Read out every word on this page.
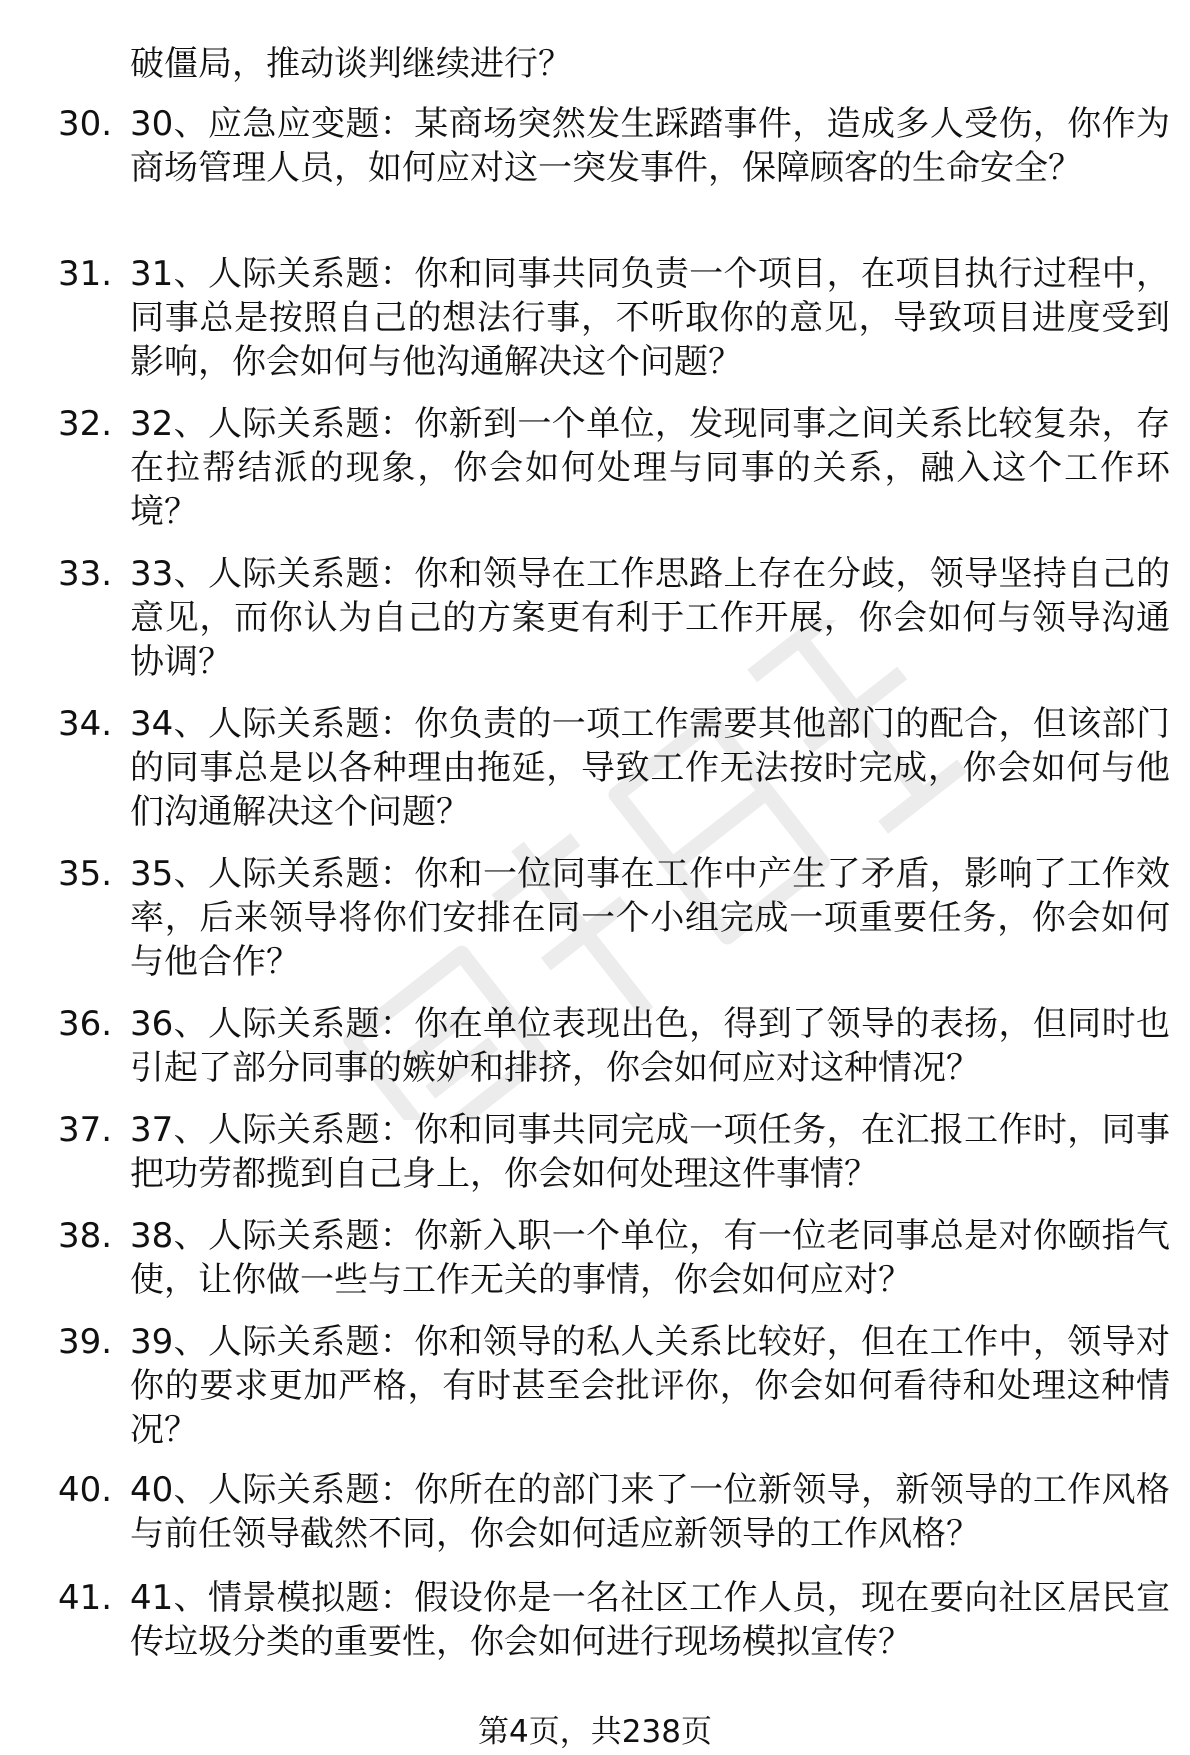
破僵局，推动谈判继续进行？
30. 30、应急应变题：某商场突然发生踩踏事件，造成多人受伤，你作为商场管理人员，如何应对这一突发事件，保障顾客的生命安全？
31. 31、人际关系题：你和同事共同负责一个项目，在项目执行过程中，同事总是按照自己的想法行事，不听取你的意见，导致项目进度受到影响，你会如何与他沟通解决这个问题？
32. 32、人际关系题：你新到一个单位，发现同事之间关系比较复杂，存在拉帮结派的现象，你会如何处理与同事的关系，融入这个工作环境？
33. 33、人际关系题：你和领导在工作思路上存在分歧，领导坚持自己的意见，而你认为自己的方案更有利于工作开展，你会如何与领导沟通协调？
34. 34、人际关系题：你负责的一项工作需要其他部门的配合，但该部门的同事总是以各种理由拖延，导致工作无法按时完成，你会如何与他们沟通解决这个问题？
35. 35、人际关系题：你和一位同事在工作中产生了矛盾，影响了工作效率，后来领导将你们安排在同一个小组完成一项重要任务，你会如何与他合作？
36. 36、人际关系题：你在单位表现出色，得到了领导的表扬，但同时也引起了部分同事的嫉妒和排挤，你会如何应对这种情况？
37. 37、人际关系题：你和同事共同完成一项任务，在汇报工作时，同事把功劳都揽到自己身上，你会如何处理这件事情？
38. 38、人际关系题：你新入职一个单位，有一位老同事总是对你颐指气使，让你做一些与工作无关的事情，你会如何应对？
39. 39、人际关系题：你和领导的私人关系比较好，但在工作中，领导对你的要求更加严格，有时甚至会批评你，你会如何看待和处理这种情况？
40. 40、人际关系题：你所在的部门来了一位新领导，新领导的工作风格与前任领导截然不同，你会如何适应新领导的工作风格？
41. 41、情景模拟题：假设你是一名社区工作人员，现在要向社区居民宣传垃圾分类的重要性，你会如何进行现场模拟宣传？
第4页，共238页
